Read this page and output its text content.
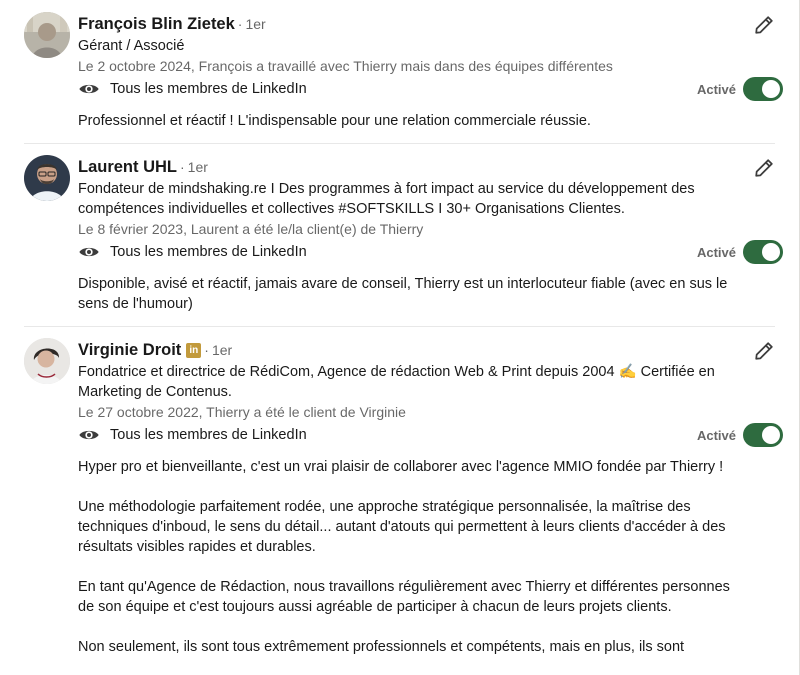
François Blin Zietek · 1er
Gérant / Associé
Le 2 octobre 2024, François a travaillé avec Thierry mais dans des équipes différentes
Tous les membres de LinkedIn	Activé

Professionnel et réactif ! L'indispensable pour une relation commerciale réussie.

Laurent UHL · 1er
Fondateur de mindshaking.re I Des programmes à fort impact au service du développement des compétences individuelles et collectives #SOFTSKILLS I 30+ Organisations Clientes.
Le 8 février 2023, Laurent a été le/la client(e) de Thierry
Tous les membres de LinkedIn	Activé

Disponible, avisé et réactif, jamais avare de conseil, Thierry est un interlocuteur fiable (avec en sus le sens de l'humour)

Virginie Droit in · 1er
Fondatrice et directrice de RédiCom, Agence de rédaction Web & Print depuis 2004 ✍️ Certifiée en Marketing de Contenus.
Le 27 octobre 2022, Thierry a été le client de Virginie
Tous les membres de LinkedIn	Activé

Hyper pro et bienveillante, c'est un vrai plaisir de collaborer avec l'agence MMIO fondée par Thierry !

Une méthodologie parfaitement rodée, une approche stratégique personnalisée, la maîtrise des techniques d'inboud, le sens du détail... autant d'atouts qui permettent à leurs clients d'accéder à des résultats visibles rapides et durables.

En tant qu'Agence de Rédaction, nous travaillons régulièrement avec Thierry et différentes personnes de son équipe et c'est toujours aussi agréable de participer à chacun de leurs projets clients.

Non seulement, ils sont tous extrêmement professionnels et compétents, mais en plus, ils sont
